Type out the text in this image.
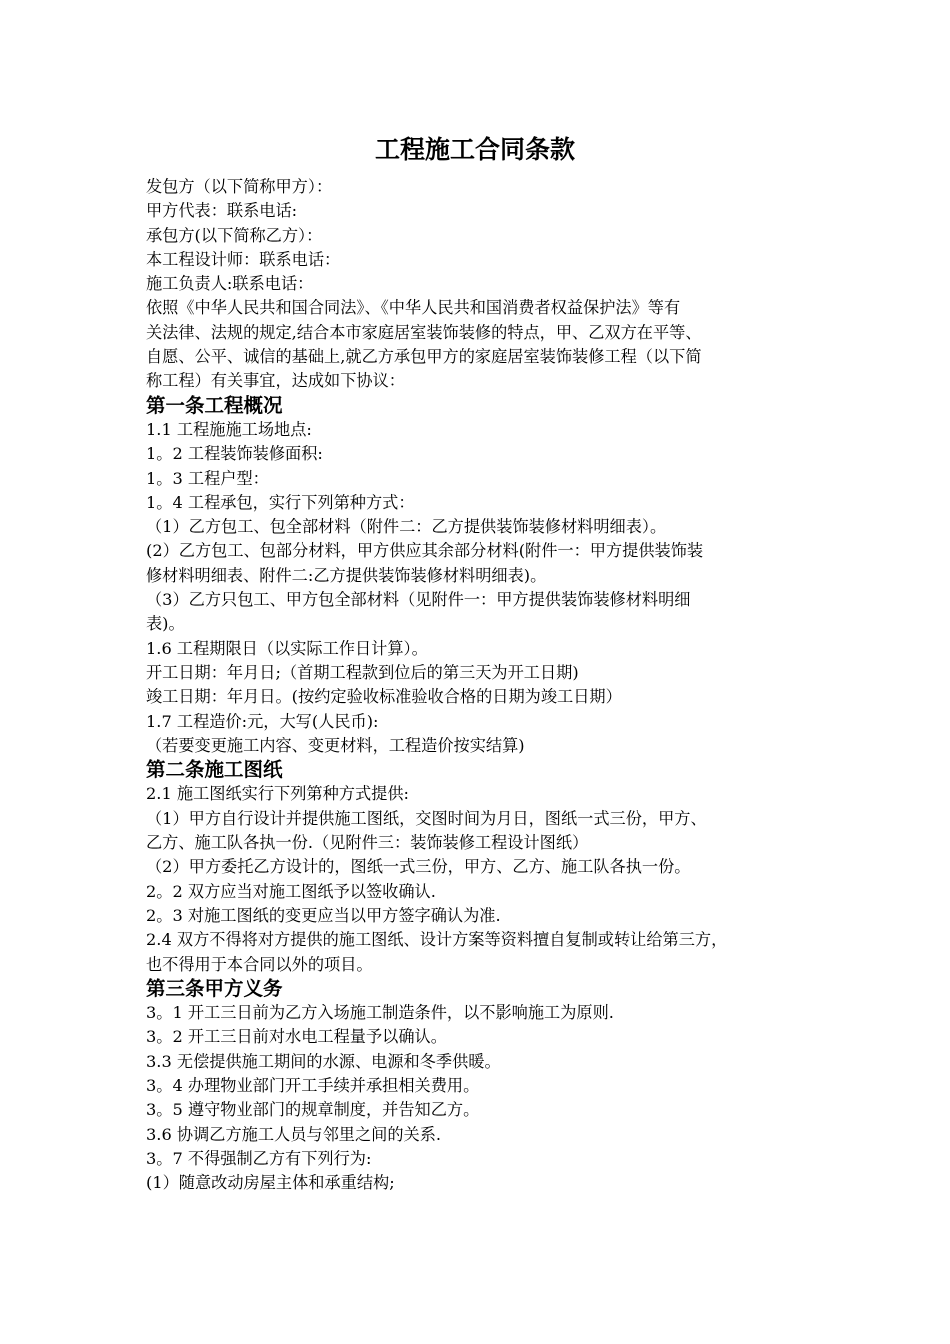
工程施工合同条款
发包方（以下简称甲方）：
甲方代表：联系电话:
承包方(以下简称乙方）：
本工程设计师：联系电话：
施工负责人:联系电话：
依照《中华人民共和国合同法》、《中华人民共和国消费者权益保护法》等有
关法律、法规的规定,结合本市家庭居室装饰装修的特点，甲、乙双方在平等、
自愿、公平、诚信的基础上,就乙方承包甲方的家庭居室装饰装修工程（以下简
称工程）有关事宜，达成如下协议：
第一条工程概况
1.1 工程施施工场地点:
1。2 工程装饰装修面积:
1。3 工程户型：
1。4 工程承包，实行下列第种方式：
（1）乙方包工、包全部材料（附件二：乙方提供装饰装修材料明细表）。
(2）乙方包工、包部分材料，甲方供应其余部分材料(附件一：甲方提供装饰装
修材料明细表、附件二:乙方提供装饰装修材料明细表)。
（3）乙方只包工、甲方包全部材料（见附件一：甲方提供装饰装修材料明细
表)。
1.6 工程期限日（以实际工作日计算）。
开工日期：年月日;（首期工程款到位后的第三天为开工日期)
竣工日期：年月日。(按约定验收标准验收合格的日期为竣工日期）
1.7 工程造价:元，大写(人民币):
（若要变更施工内容、变更材料，工程造价按实结算)
第二条施工图纸
2.1 施工图纸实行下列第种方式提供:
（1）甲方自行设计并提供施工图纸，交图时间为月日，图纸一式三份，甲方、
乙方、施工队各执一份.（见附件三：装饰装修工程设计图纸）
（2）甲方委托乙方设计的，图纸一式三份，甲方、乙方、施工队各执一份。
2。2 双方应当对施工图纸予以签收确认.
2。3 对施工图纸的变更应当以甲方签字确认为准.
2.4 双方不得将对方提供的施工图纸、设计方案等资料擅自复制或转让给第三方，
也不得用于本合同以外的项目。
第三条甲方义务
3。1 开工三日前为乙方入场施工制造条件，以不影响施工为原则.
3。2 开工三日前对水电工程量予以确认。
3.3 无偿提供施工期间的水源、电源和冬季供暖。
3。4 办理物业部门开工手续并承担相关费用。
3。5 遵守物业部门的规章制度，并告知乙方。
3.6 协调乙方施工人员与邻里之间的关系.
3。7 不得强制乙方有下列行为:
(1）随意改动房屋主体和承重结构;
